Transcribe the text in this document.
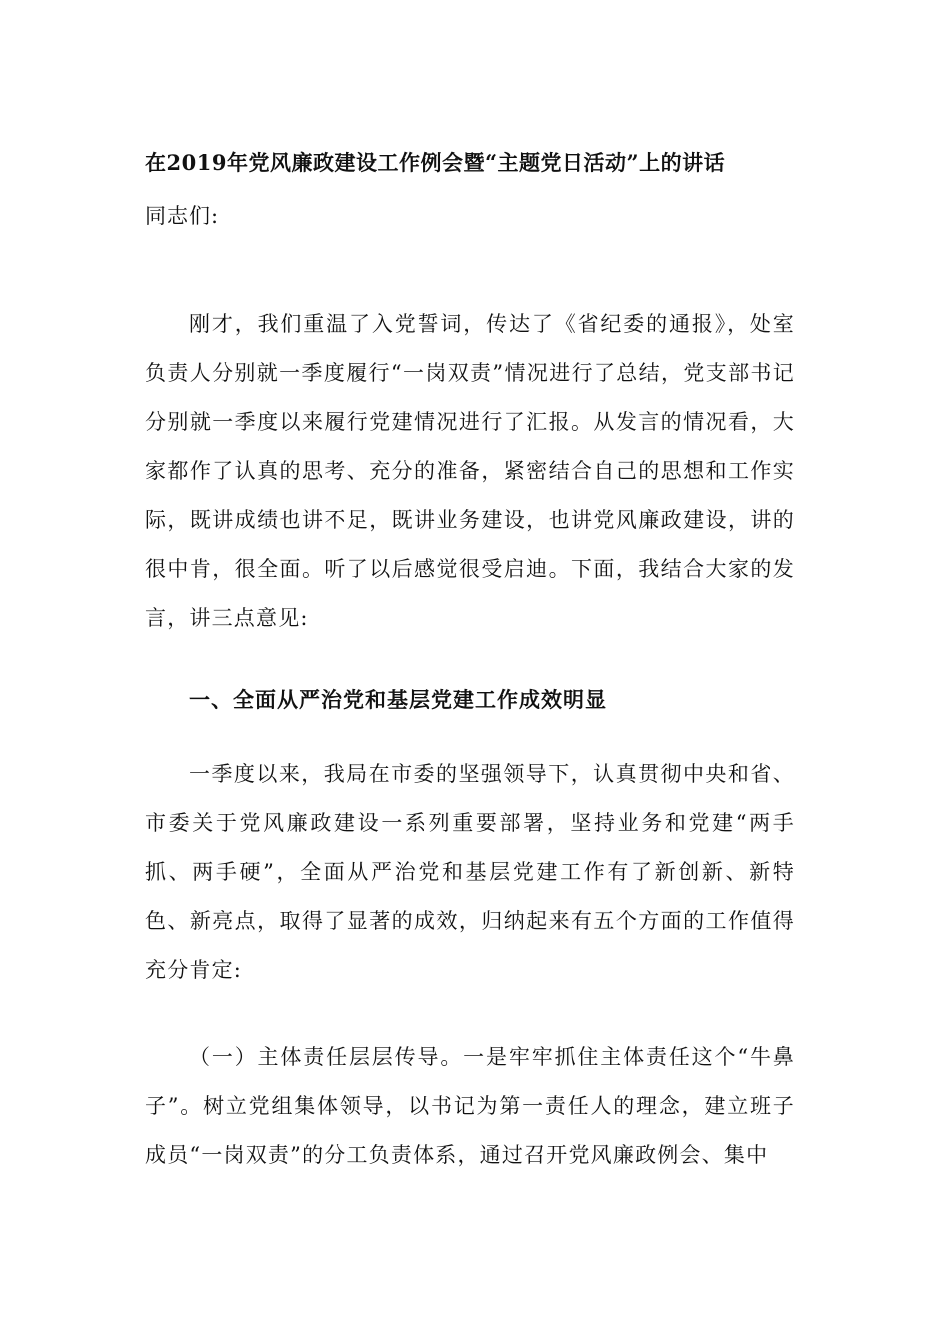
在2019年党风廉政建设工作例会暨“主题党日活动”上的讲话
同志们:

刚才，我们重温了入党誓词，传达了《省纪委的通报》，处室负责人分别就一季度履行“一岗双责”情况进行了总结，党支部书记分别就一季度以来履行党建情况进行了汇报。从发言的情况看，大家都作了认真的思考、充分的准备，紧密结合自己的思想和工作实际，既讲成绩也讲不足，既讲业务建设，也讲党风廉政建设，讲的很中肯，很全面。听了以后感觉很受启迪。下面，我结合大家的发言，讲三点意见:

一、全面从严治党和基层党建工作成效明显

一季度以来，我局在市委的坚强领导下，认真贯彻中央和省、市委关于党风廉政建设一系列重要部署，坚持业务和党建“两手抓、两手硬”，全面从严治党和基层党建工作有了新创新、新特色、新亮点，取得了显著的成效，归纳起来有五个方面的工作值得充分肯定:

（一）主体责任层层传导。一是牢牢抓住主体责任这个“牛鼻子”。树立党组集体领导，以书记为第一责任人的理念，建立班子成员“一岗双责”的分工负责体系，通过召开党风廉政例会、集中
